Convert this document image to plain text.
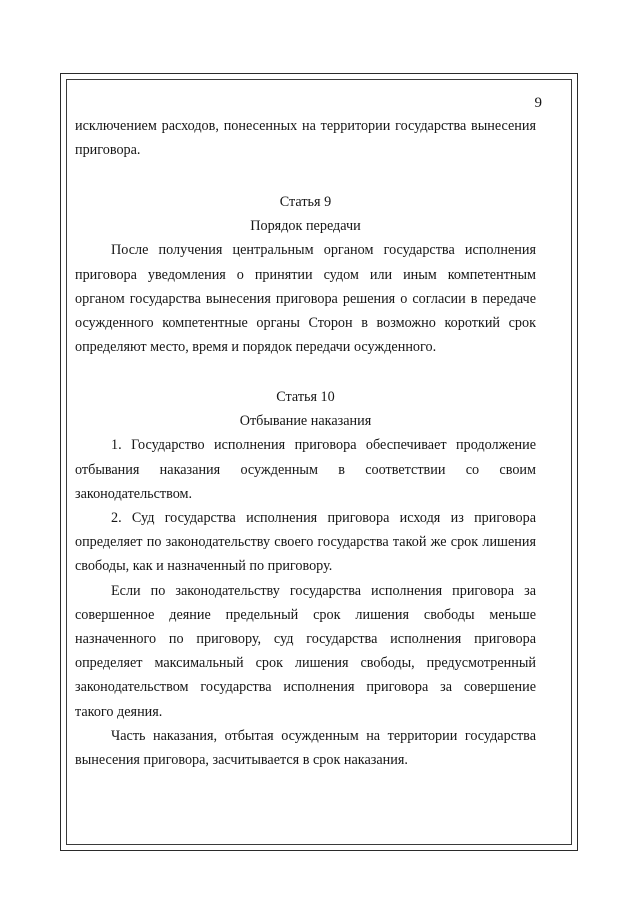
9

исключением расходов, понесенных на территории государства вынесения приговора.

Статья 9
Порядок передачи

После получения центральным органом государства исполнения приговора уведомления о принятии судом или иным компетентным органом государства вынесения приговора решения о согласии в передаче осужденного компетентные органы Сторон в возможно короткий срок определяют место, время и порядок передачи осужденного.

Статья 10
Отбывание наказания

1. Государство исполнения приговора обеспечивает продолжение отбывания наказания осужденным в соответствии со своим законодательством.

2. Суд государства исполнения приговора исходя из приговора определяет по законодательству своего государства такой же срок лишения свободы, как и назначенный по приговору.

Если по законодательству государства исполнения приговора за совершенное деяние предельный срок лишения свободы меньше назначенного по приговору, суд государства исполнения приговора определяет максимальный срок лишения свободы, предусмотренный законодательством государства исполнения приговора за совершение такого деяния.

Часть наказания, отбытая осужденным на территории государства вынесения приговора, засчитывается в срок наказания.
